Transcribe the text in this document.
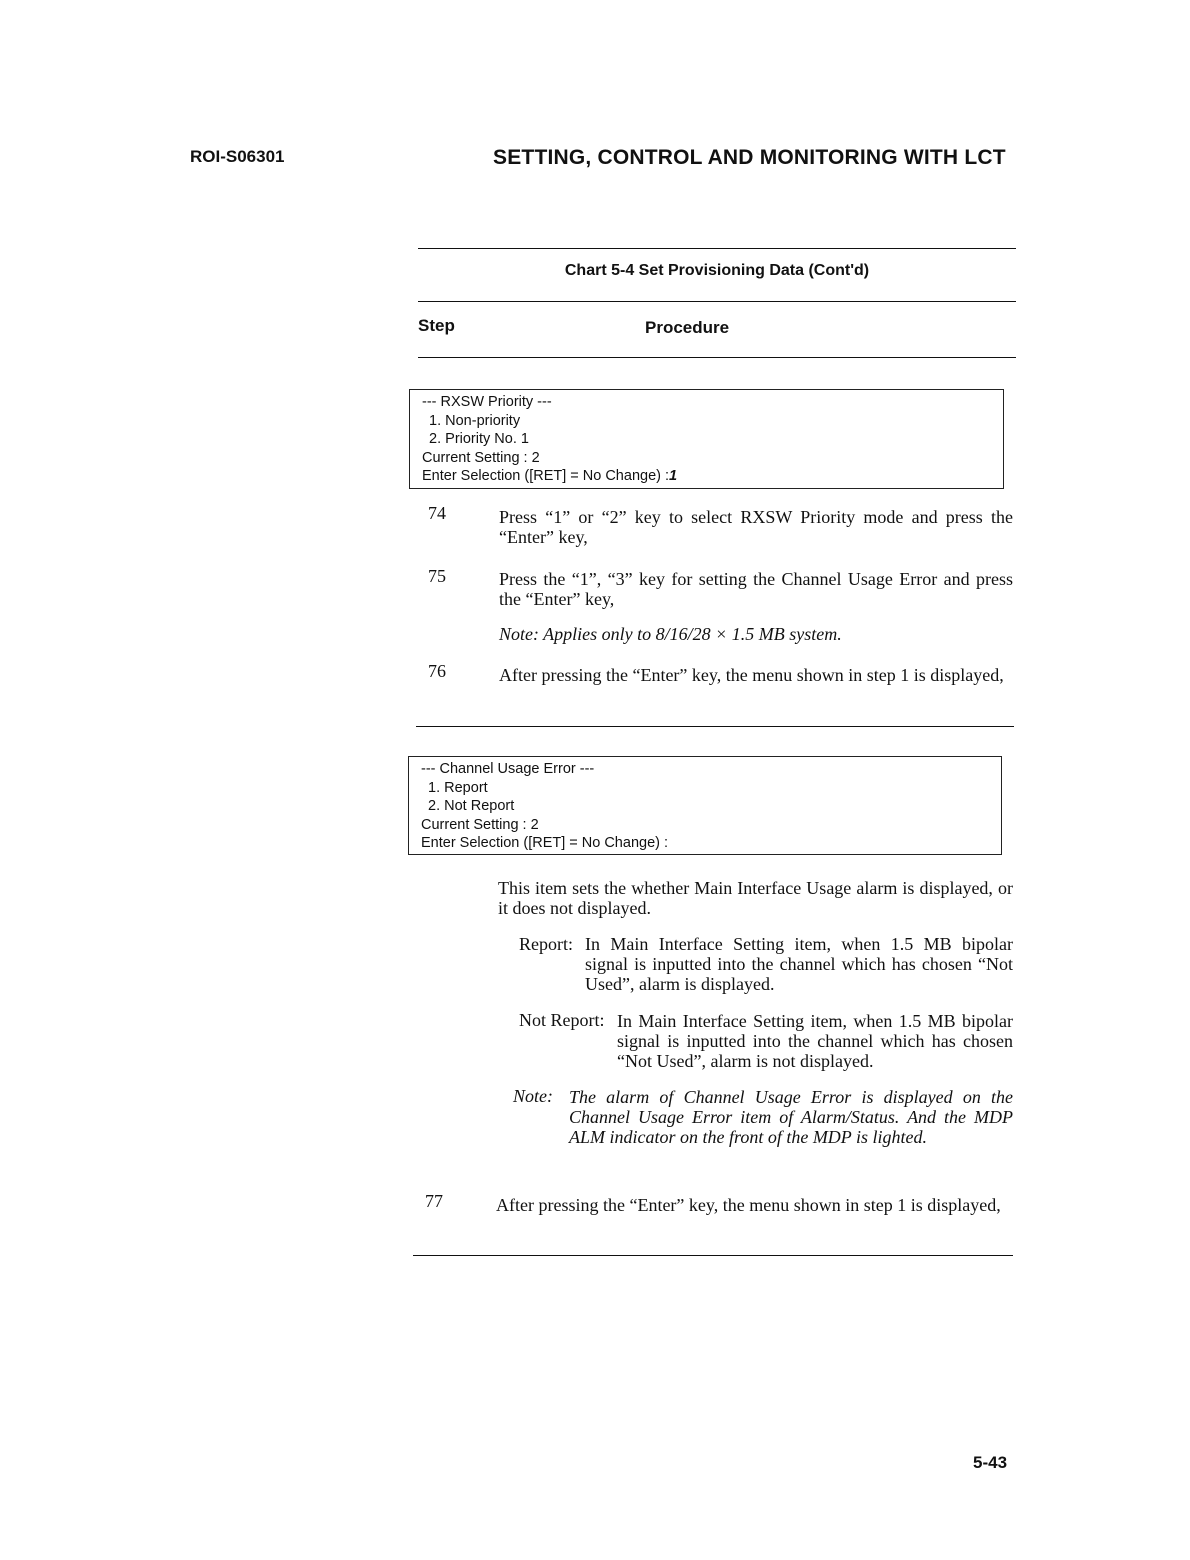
ROI-S06301	SETTING, CONTROL AND MONITORING WITH LCT
Chart 5-4 Set Provisioning Data (Cont'd)
Step	Procedure
--- RXSW Priority ---
1. Non-priority
2. Priority No. 1
Current Setting : 2
Enter Selection ([RET] = No Change) :1
74	Press “1” or “2” key to select RXSW Priority mode and press the “Enter” key,
75	Press the “1”, “3” key for setting the Channel Usage Error and press the “Enter” key,
Note: Applies only to 8/16/28 × 1.5 MB system.
76	After pressing the “Enter” key, the menu shown in step 1 is displayed,
--- Channel Usage Error ---
1. Report
2. Not Report
Current Setting : 2
Enter Selection ([RET] = No Change) :
This item sets the whether Main Interface Usage alarm is displayed, or it does not displayed.
Report: In Main Interface Setting item, when 1.5 MB bipolar signal is inputted into the channel which has chosen “Not Used”, alarm is displayed.
Not Report: In Main Interface Setting item, when 1.5 MB bipolar signal is inputted into the channel which has chosen “Not Used”, alarm is not displayed.
Note: The alarm of Channel Usage Error is displayed on the Channel Usage Error item of Alarm/Status. And the MDP ALM indicator on the front of the MDP is lighted.
77	After pressing the “Enter” key, the menu shown in step 1 is displayed,
5-43
